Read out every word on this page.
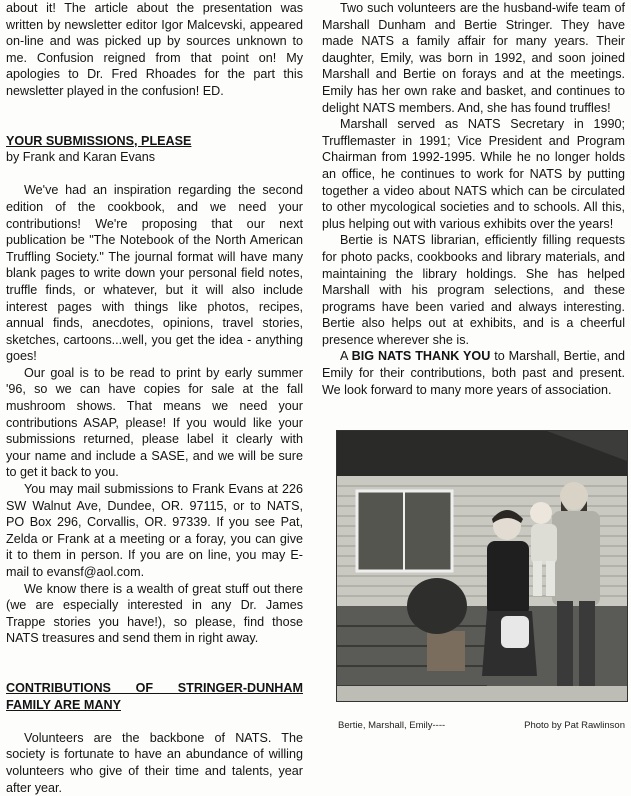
about it! The article about the presentation was written by newsletter editor Igor Malcevski, appeared on-line and was picked up by sources unknown to me. Confusion reigned from that point on! My apologies to Dr. Fred Rhoades for the part this newsletter played in the confusion! ED.

YOUR SUBMISSIONS, PLEASE

by Frank and Karan Evans

We've had an inspiration regarding the second edition of the cookbook, and we need your contributions! We're proposing that our next publication be "The Notebook of the North American Truffling Society." The journal format will have many blank pages to write down your personal field notes, truffle finds, or whatever, but it will also include interest pages with things like photos, recipes, annual finds, anecdotes, opinions, travel stories, sketches, cartoons...well, you get the idea - anything goes!

Our goal is to be read to print by early summer '96, so we can have copies for sale at the fall mushroom shows. That means we need your contributions ASAP, please! If you would like your submissions returned, please label it clearly with your name and include a SASE, and we will be sure to get it back to you.

You may mail submissions to Frank Evans at 226 SW Walnut Ave, Dundee, OR. 97115, or to NATS, PO Box 296, Corvallis, OR. 97339. If you see Pat, Zelda or Frank at a meeting or a foray, you can give it to them in person. If you are on line, you may E-mail to evansf@aol.com.

We know there is a wealth of great stuff out there (we are especially interested in any Dr. James Trappe stories you have!), so please, find those NATS treasures and send them in right away.

CONTRIBUTIONS OF STRINGER-DUNHAM

FAMILY ARE MANY

Volunteers are the backbone of NATS. The society is fortunate to have an abundance of willing volunteers who give of their time and talents, year after year.

Two such volunteers are the husband-wife team of Marshall Dunham and Bertie Stringer. They have made NATS a family affair for many years. Their daughter, Emily, was born in 1992, and soon joined Marshall and Bertie on forays and at the meetings. Emily has her own rake and basket, and continues to delight NATS members. And, she has found truffles!

Marshall served as NATS Secretary in 1990; Trufflemaster in 1991; Vice President and Program Chairman from 1992-1995. While he no longer holds an office, he continues to work for NATS by putting together a video about NATS which can be circulated to other mycological societies and to schools. All this, plus helping out with various exhibits over the years!

Bertie is NATS librarian, efficiently filling requests for photo packs, cookbooks and library materials, and maintaining the library holdings. She has helped Marshall with his program selections, and these programs have been varied and always interesting. Bertie also helps out at exhibits, and is a cheerful presence wherever she is.

A BIG NATS THANK YOU to Marshall, Bertie, and Emily for their contributions, both past and present. We look forward to many more years of association.

Bertie, Marshall, Emily----	Photo by Pat Rawlinson
